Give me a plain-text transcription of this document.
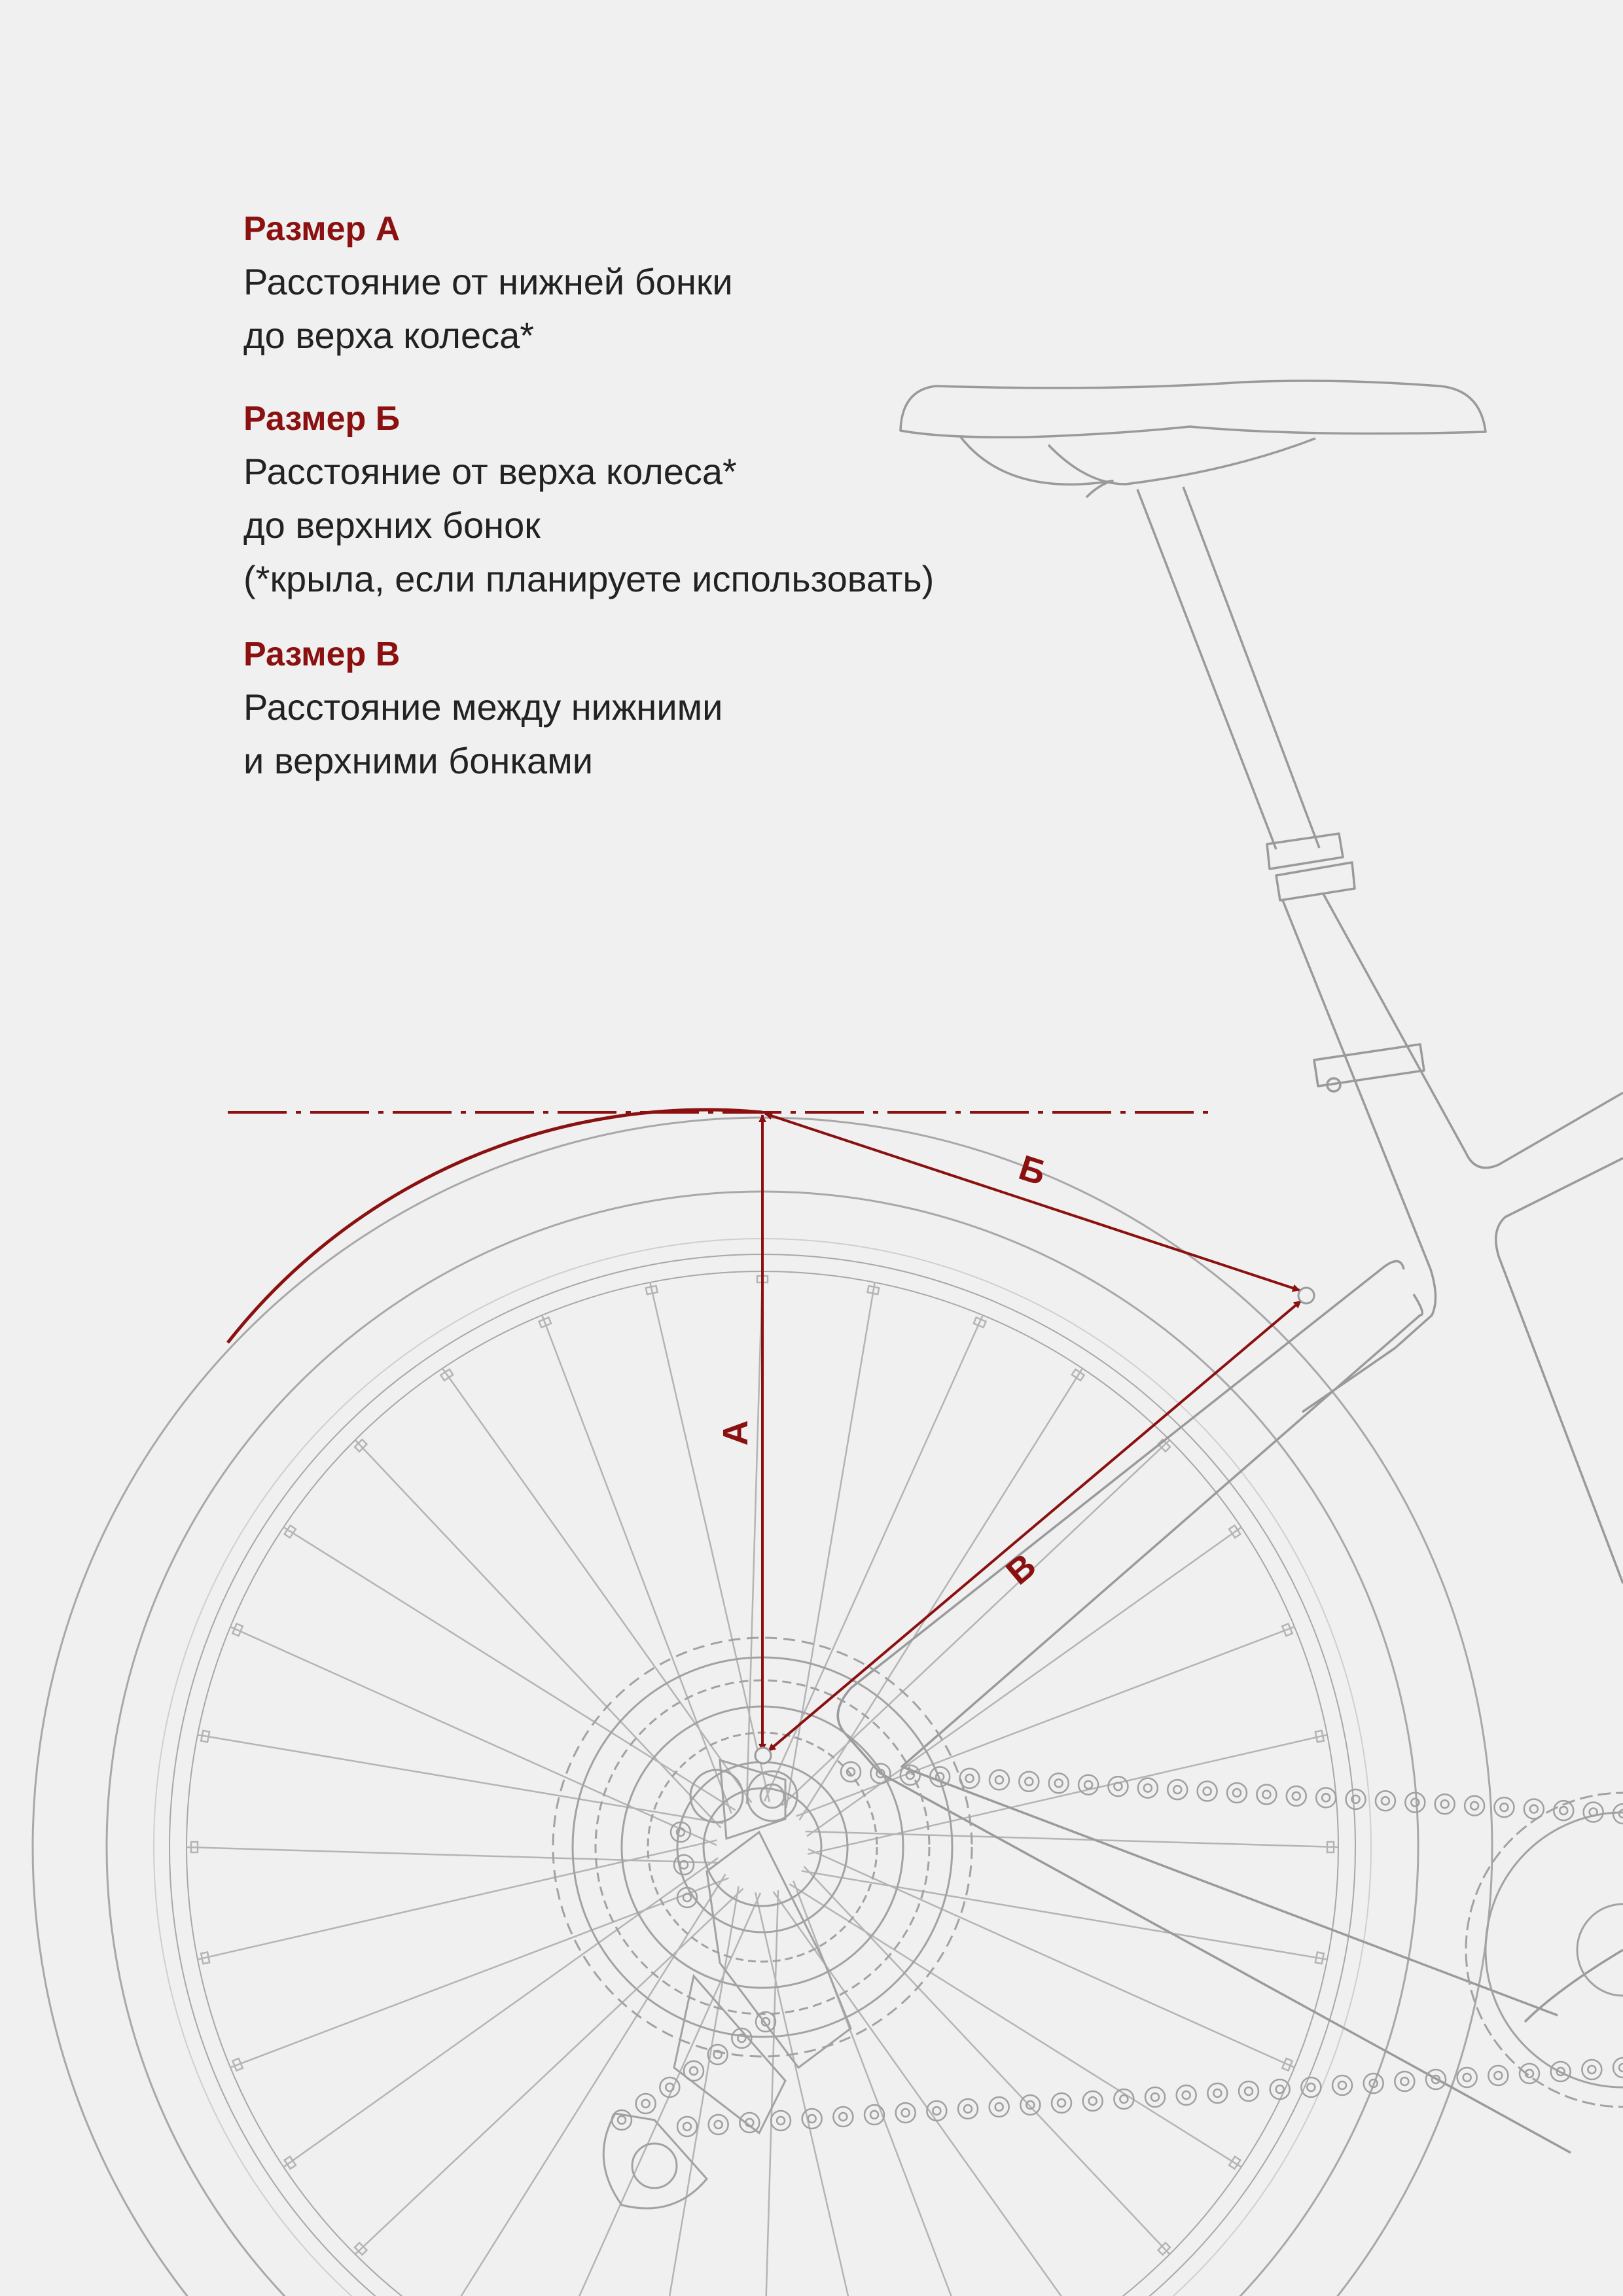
Размер А
Расстояние от нижней бонки
до верха колеса*
Размер Б
Расстояние от верха колеса*
до верхних бонок
(*крыла, если планируете использовать)
Размер В
Расстояние между нижними
и верхними бонками
А
Б
В
